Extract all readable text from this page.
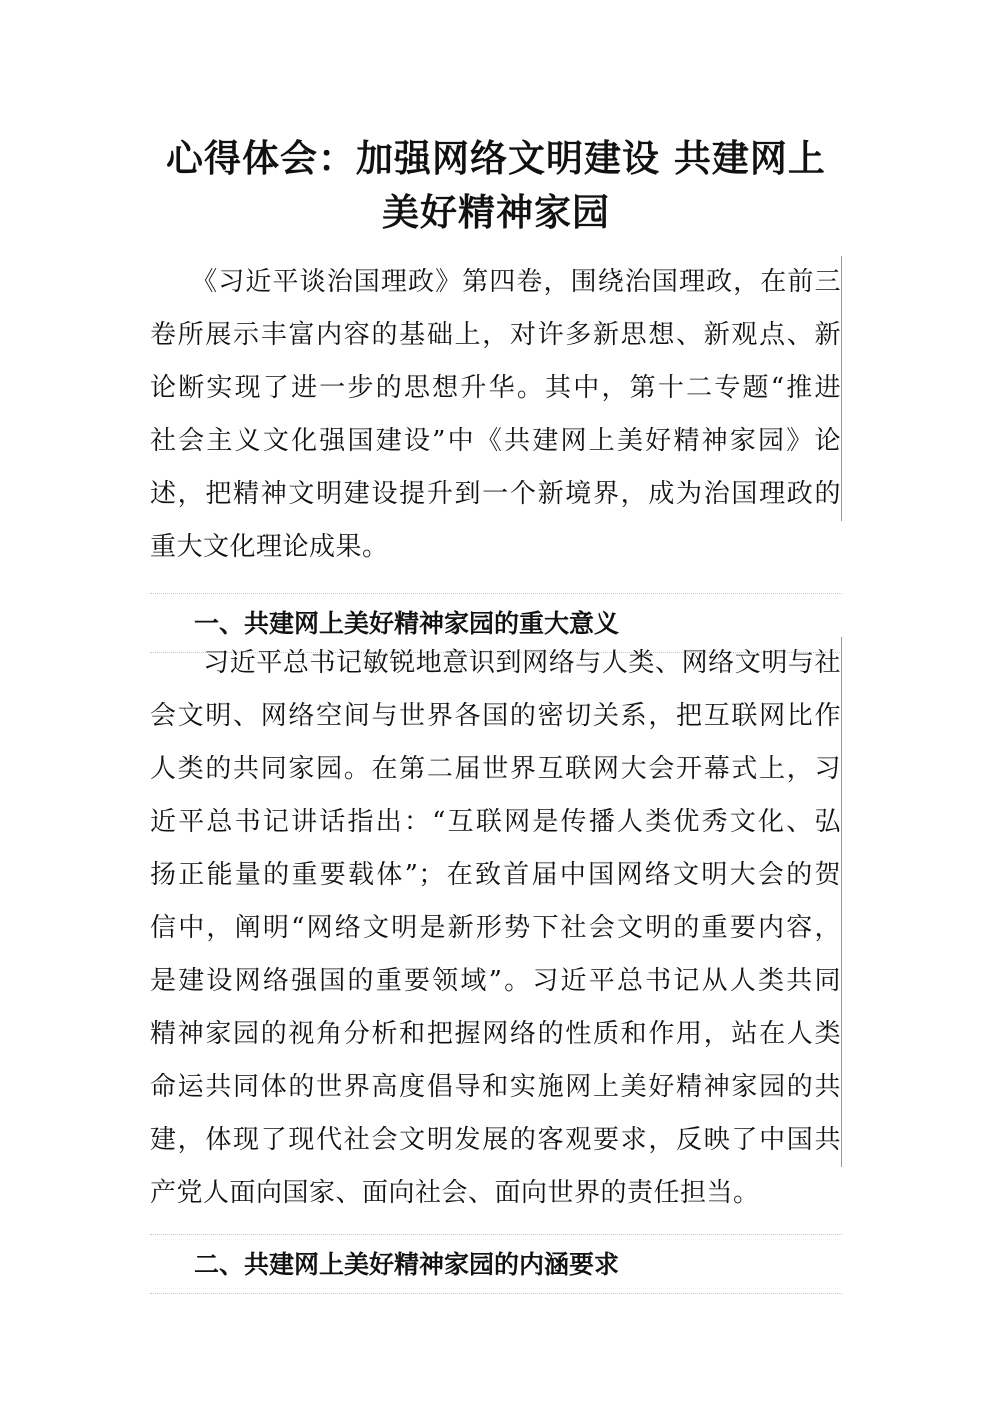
心得体会：加强网络文明建设 共建网上
美好精神家园
　　《习近平谈治国理政》第四卷，围绕治国理政，在前三
卷所展示丰富内容的基础上，对许多新思想、新观点、新
论断实现了进一步的思想升华。其中，第十二专题“推进
社会主义文化强国建设”中《共建网上美好精神家园》论
述，把精神文明建设提升到一个新境界，成为治国理政的
重大文化理论成果。
一、共建网上美好精神家园的重大意义
　　习近平总书记敏锐地意识到网络与人类、网络文明与社
会文明、网络空间与世界各国的密切关系，把互联网比作
人类的共同家园。在第二届世界互联网大会开幕式上，习
近平总书记讲话指出：“互联网是传播人类优秀文化、弘
扬正能量的重要载体”；在致首届中国网络文明大会的贺
信中，阐明“网络文明是新形势下社会文明的重要内容，
是建设网络强国的重要领域”。习近平总书记从人类共同
精神家园的视角分析和把握网络的性质和作用，站在人类
命运共同体的世界高度倡导和实施网上美好精神家园的共
建，体现了现代社会文明发展的客观要求，反映了中国共
产党人面向国家、面向社会、面向世界的责任担当。
二、共建网上美好精神家园的内涵要求
